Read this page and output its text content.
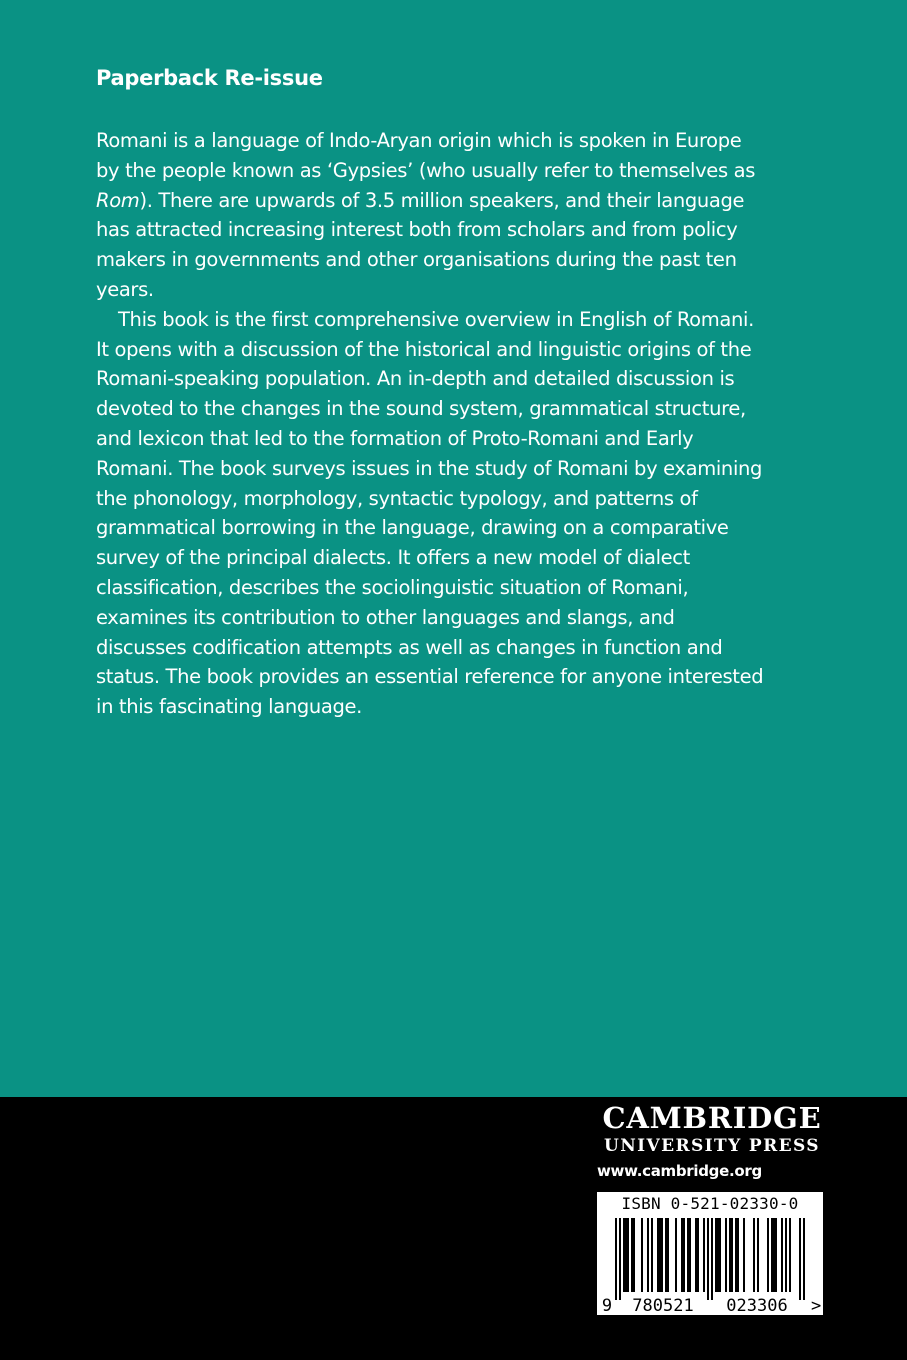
Paperback Re-issue

Romani is a language of Indo-Aryan origin which is spoken in Europe
by the people known as ‘Gypsies’ (who usually refer to themselves as
Rom). There are upwards of 3.5 million speakers, and their language
has attracted increasing interest both from scholars and from policy
makers in governments and other organisations during the past ten
years.

This book is the first comprehensive overview in English of Romani.
It opens with a discussion of the historical and linguistic origins of the
Romani-speaking population. An in-depth and detailed discussion is
devoted to the changes in the sound system, grammatical structure,
and lexicon that led to the formation of Proto-Romani and Early
Romani. The book surveys issues in the study of Romani by examining
the phonology, morphology, syntactic typology, and patterns of
grammatical borrowing in the language, drawing on a comparative
survey of the principal dialects. It offers a new model of dialect
classification, describes the sociolinguistic situation of Romani,
examines its contribution to other languages and slangs, and
discusses codification attempts as well as changes in function and
status. The book provides an essential reference for anyone interested
in this fascinating language.

CAMBRIDGE
UNIVERSITY PRESS
www.cambridge.org
ISBN 0-521-02330-0
9 780521 023306 >
